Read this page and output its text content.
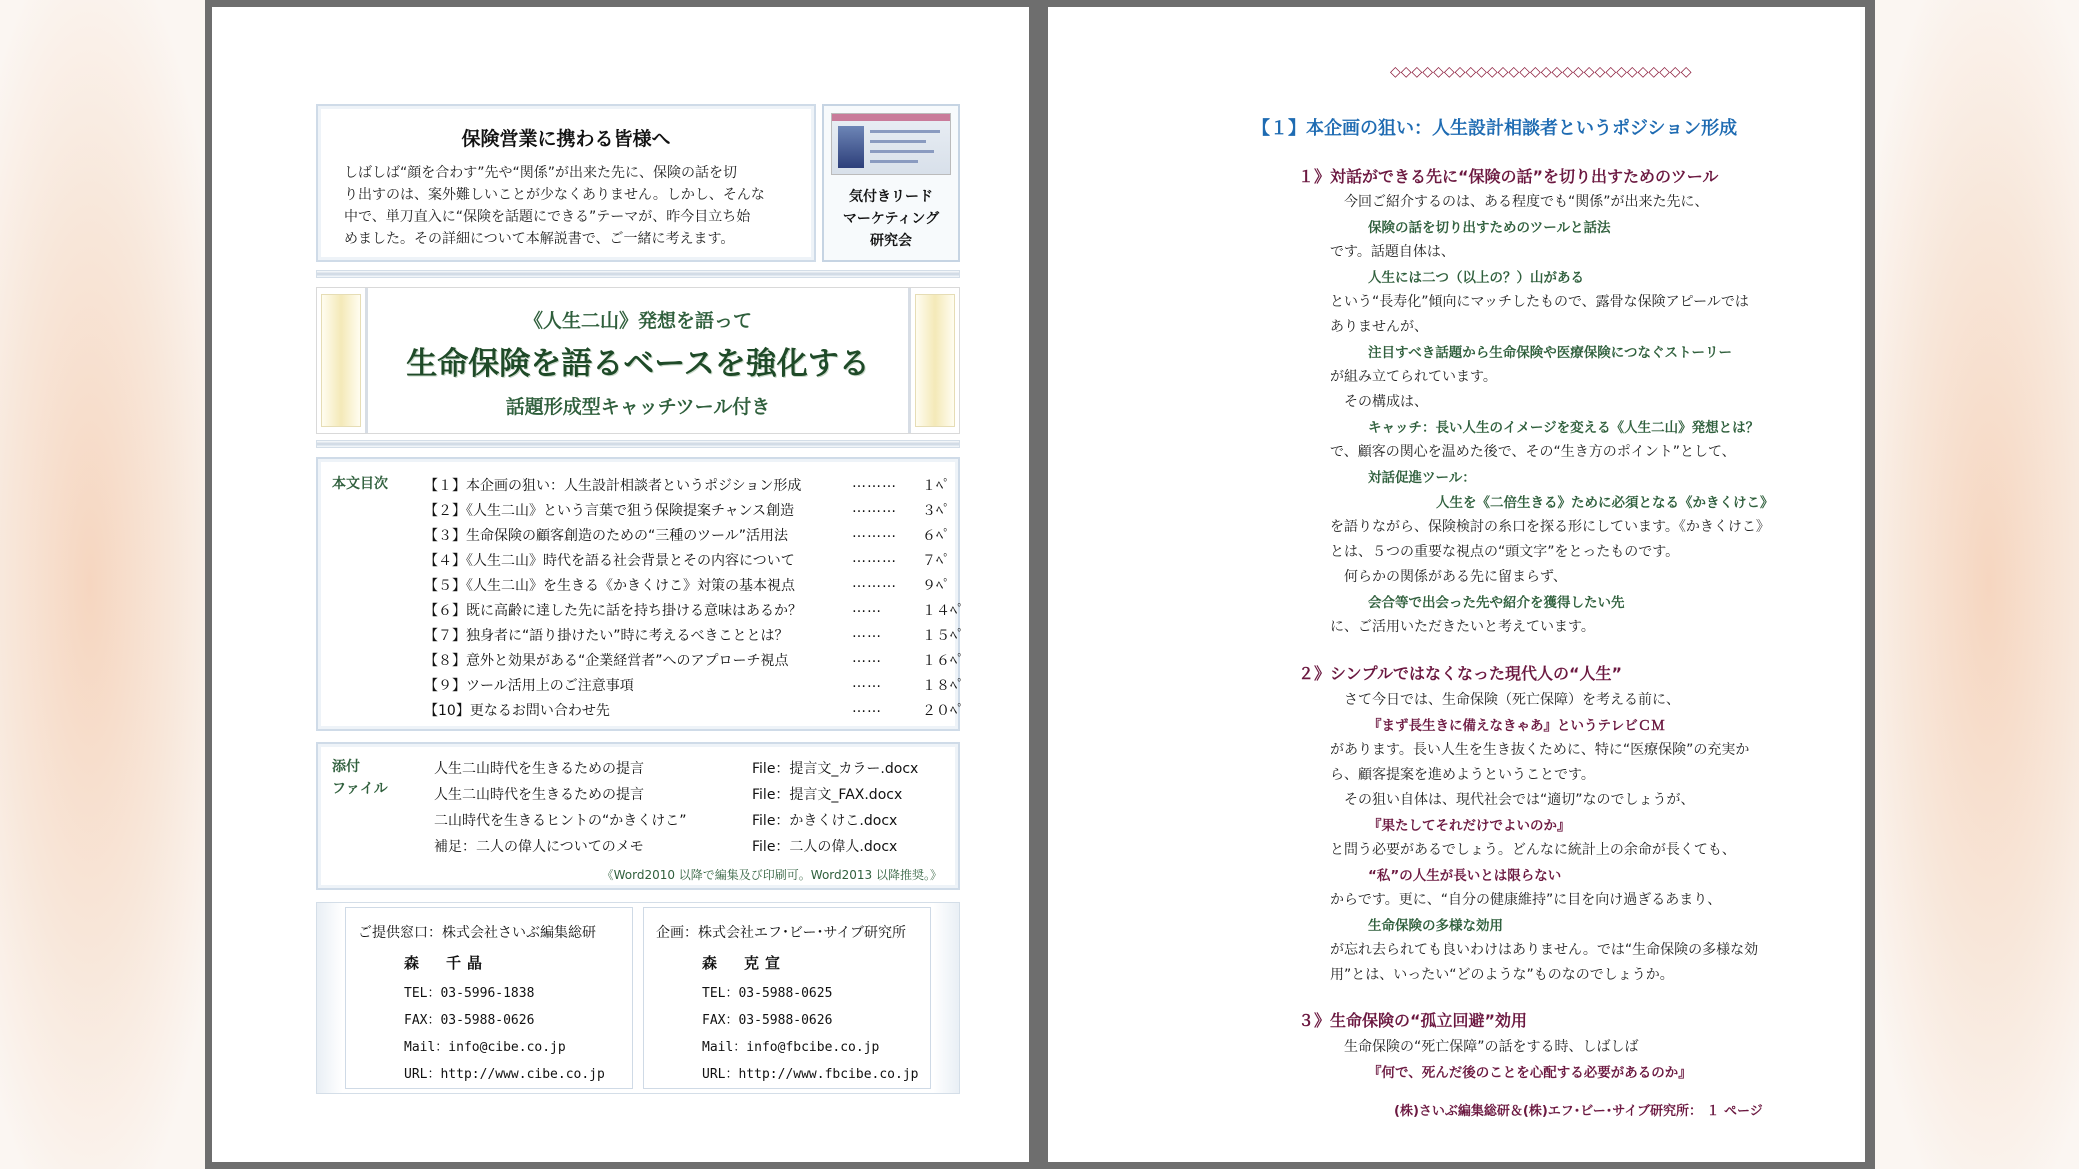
保険営業に携わる皆様へ
しばしば“顔を合わす”先や“関係”が出来た先に、保険の話を切
り出すのは、案外難しいことが少なくありません。しかし、そんな
中で、単刀直入に“保険を話題にできる”テーマが、昨今目立ち始
めました。その詳細について本解説書で、ご一緒に考えます。
気付きリード
マーケティング
研究会
《人生二山》発想を語って
生命保険を語るベースを強化する
話題形成型キャッチツール付き
本文目次	【１】本企画の狙い：人生設計相談者というポジション形成	……… １ﾍﾟ
【２】《人生二山》という言葉で狙う保険提案チャンス創造	……… ３ﾍﾟ
【３】生命保険の顧客創造のための“三種のツール”活用法	……… ６ﾍﾟ
【４】《人生二山》時代を語る社会背景とその内容について	……… ７ﾍﾟ
【５】《人生二山》を生きる《かきくけこ》対策の基本視点	……… ９ﾍﾟ
【６】既に高齢に達した先に話を持ち掛ける意味はあるか？	……	１４ﾍﾟ
【７】独身者に“語り掛けたい”時に考えるべきこととは？	……	１５ﾍﾟ
【８】意外と効果がある“企業経営者”へのアプローチ視点	……	１６ﾍﾟ
【９】ツール活用上のご注意事項	……	１８ﾍﾟ
【10】更なるお問い合わせ先	……	２０ﾍﾟ
添付
ファイル
人生二山時代を生きるための提言	File：提言文_カラー.docx
人生二山時代を生きるための提言	File：提言文_FAX.docx
二山時代を生きるヒントの“かきくけこ”	File：かきくけこ.docx
補足：二人の偉人についてのメモ	File：二人の偉人.docx
《Word2010 以降で編集及び印刷可。Word2013 以降推奨。》
ご提供窓口：株式会社さいぶ編集総研
森　千晶
TEL：03-5996-1838
FAX：03-5988-0626
Mail：info@cibe.co.jp
URL：http://www.cibe.co.jp
企画：株式会社エフ･ビー･サイブ研究所
森　克宣
TEL：03-5988-0625
FAX：03-5988-0626
Mail：info@fbcibe.co.jp
URL：http://www.fbcibe.co.jp
◇◇◇◇◇◇◇◇◇◇◇◇◇◇◇◇◇◇◇◇◇◇◇◇◇◇◇◇
【１】本企画の狙い：人生設計相談者というポジション形成
１》対話ができる先に“保険の話”を切り出すためのツール
今回ご紹介するのは、ある程度でも“関係”が出来た先に、
保険の話を切り出すためのツールと話法
です。話題自体は、
人生には二つ（以上の？）山がある
という“長寿化”傾向にマッチしたもので、露骨な保険アピールでは
ありませんが、
注目すべき話題から生命保険や医療保険につなぐストーリー
が組み立てられています。
その構成は、
キャッチ：長い人生のイメージを変える《人生二山》発想とは？
で、顧客の関心を温めた後で、その“生き方のポイント”として、
対話促進ツール：
人生を《二倍生きる》ために必須となる《かきくけこ》
を語りながら、保険検討の糸口を探る形にしています。《かきくけこ》
とは、５つの重要な視点の“頭文字”をとったものです。
何らかの関係がある先に留まらず、
会合等で出会った先や紹介を獲得したい先
に、ご活用いただきたいと考えています。
２》シンプルではなくなった現代人の“人生”
さて今日では、生命保険（死亡保障）を考える前に、
『まず長生きに備えなきゃあ』というテレビＣＭ
があります。長い人生を生き抜くために、特に“医療保険”の充実か
ら、顧客提案を進めようということです。
その狙い自体は、現代社会では“適切”なのでしょうが、
『果たしてそれだけでよいのか』
と問う必要があるでしょう。どんなに統計上の余命が長くても、
“私”の人生が長いとは限らない
からです。更に、“自分の健康維持”に目を向け過ぎるあまり、
生命保険の多様な効用
が忘れ去られても良いわけはありません。では“生命保険の多様な効
用”とは、いったい“どのような”ものなのでしょうか。
３》生命保険の“孤立回避”効用
生命保険の“死亡保障”の話をする時、しばしば
『何で、死んだ後のことを心配する必要があるのか』
(株)さいぶ編集総研＆(株)エフ･ビー･サイブ研究所： １ ページ
